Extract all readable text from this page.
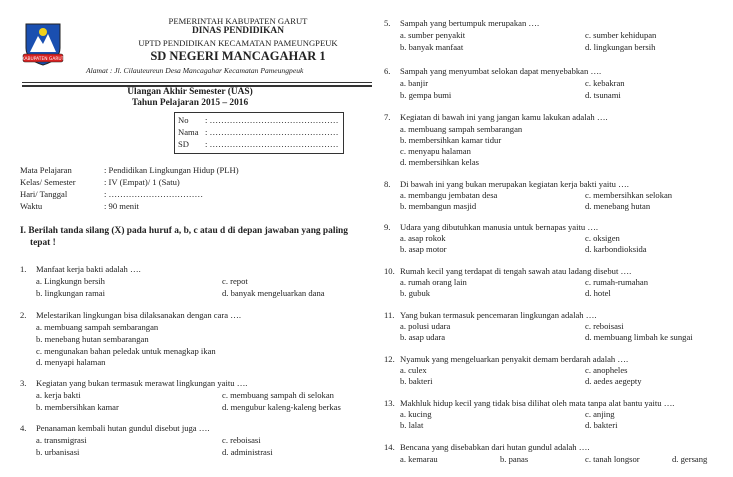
KABUPATEN GARUT
PEMERINTAH KABUPATEN GARUT
DINAS PENDIDIKAN
UPTD PENDIDIKAN KECAMATAN PAMEUNGPEUK
SD NEGERI MANCAGAHAR 1
Alamat : Jl. Cilauteureun Desa Mancagahar Kecamatan Pameungpeuk
Ulangan Akhir Semester (UAS)
Tahun Pelajaran 2015 – 2016
No : ………………………………………
Nama : ………………………………………
SD : ………………………………………
Mata Pelajaran	: Pendidikan Lingkungan Hidup (PLH)
Kelas/ Semester	: IV (Empat)/ 1 (Satu)
Hari/ Tanggal	: ……………………………
Waktu	: 90 menit
I. Berilah tanda silang (X) pada huruf a, b, c atau d di depan jawaban yang paling
tepat !
1. Manfaat kerja bakti adalah ….
a. Lingkungn bersih	c. repot
b. lingkungan ramai	d. banyak mengeluarkan dana
2. Melestarikan lingkungan bisa dilaksanakan dengan cara ….
a. membuang sampah sembarangan
b. menebang hutan sembarangan
c. mengunakan bahan peledak untuk menagkap ikan
d. menyapi halaman
3. Kegiatan yang bukan termasuk merawat lingkungan yaitu ….
a. kerja bakti	c. membuang sampah di selokan
b. membersihkan kamar	d. mengubur kaleng-kaleng berkas
4. Penanaman kembali hutan gundul disebut juga ….
a. transmigrasi	c. reboisasi
b. urbanisasi	d. administrasi
5. Sampah yang bertumpuk merupakan ….
a. sumber penyakit	c. sumber kehidupan
b. banyak manfaat	d. lingkungan bersih
6. Sampah yang menyumbat selokan dapat menyebabkan ….
a. banjir	c. kebakran
b. gempa bumi	d. tsunami
7. Kegiatan di bawah ini yang jangan kamu lakukan adalah ….
a. membuang sampah sembarangan
b. membersihkan kamar tidur
c. menyapu halaman
d. membersihkan kelas
8. Di bawah ini yang bukan merupakan kegiatan kerja bakti yaitu ….
a. membangu jembatan desa	c. membersihkan selokan
b. membangun masjid	d. menebang hutan
9. Udara yang dibutuhkan manusia untuk bernapas yaitu ….
a. asap rokok	c. oksigen
b. asap motor	d. karbondioksida
10. Rumah kecil yang terdapat di tengah sawah atau ladang disebut ….
a. rumah orang lain	c. rumah-rumahan
b. gubuk	d. hotel
11. Yang bukan termasuk pencemaran lingkungan adalah ….
a. polusi udara	c. reboisasi
b. asap udara	d. membuang limbah ke sungai
12. Nyamuk yang mengeluarkan penyakit demam berdarah adalah ….
a. culex	c. anopheles
b. bakteri	d. aedes aegepty
13. Makhluk hidup kecil yang tidak bisa dilihat oleh mata tanpa alat bantu yaitu ….
a. kucing	c. anjing
b. lalat	d. bakteri
14. Bencana yang disebabkan dari hutan gundul adalah ….
a. kemarau	b. panas	c. tanah longsor	d. gersang
